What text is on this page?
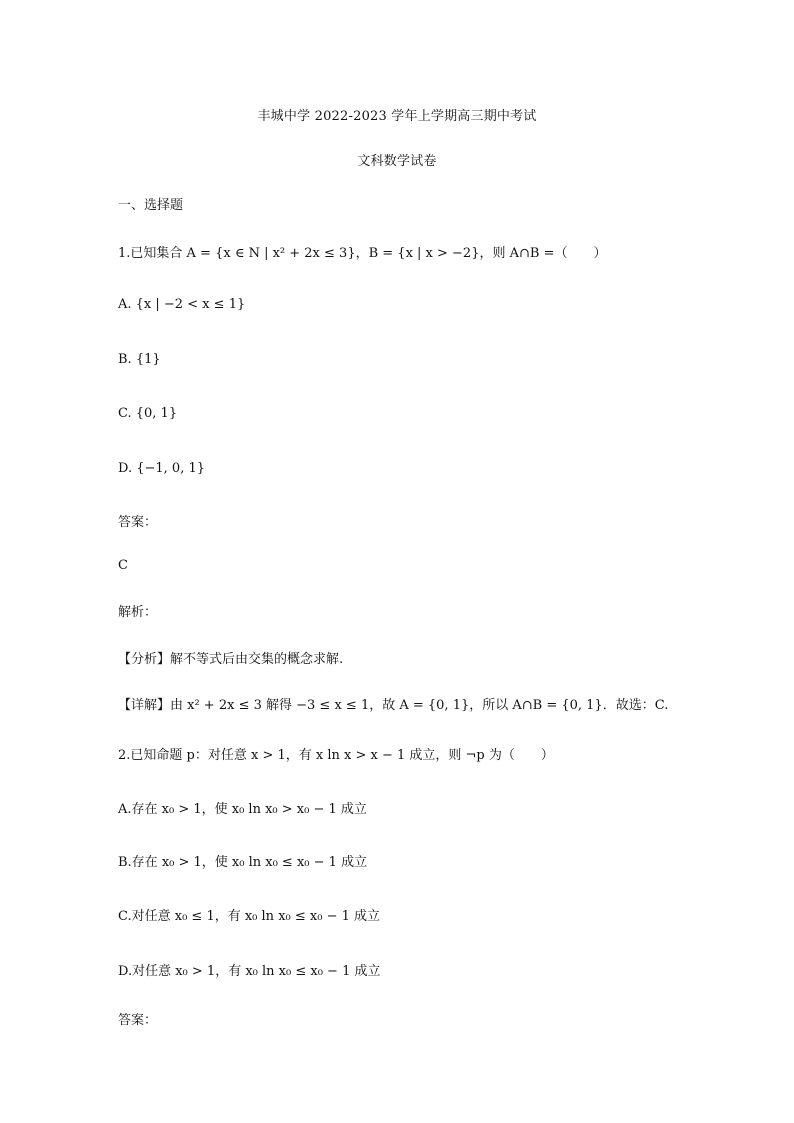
丰城中学 2022-2023 学年上学期高三期中考试
文科数学试卷
一、选择题
1.已知集合 A = {x ∈ N | x² + 2x ≤ 3}，B = {x | x > −2}，则 A∩B =（　　）
A. {x | −2 < x ≤ 1}
B. {1}
C. {0, 1}
D. {−1, 0, 1}
答案：
C
解析：
【分析】解不等式后由交集的概念求解.
【详解】由 x² + 2x ≤ 3 解得 −3 ≤ x ≤ 1，故 A = {0, 1}，所以 A∩B = {0, 1}．故选：C.
2.已知命题 p：对任意 x > 1，有 x ln x > x − 1 成立，则 ¬p 为（　　）
A.存在 x₀ > 1，使 x₀ ln x₀ > x₀ − 1 成立
B.存在 x₀ > 1，使 x₀ ln x₀ ≤ x₀ − 1 成立
C.对任意 x₀ ≤ 1，有 x₀ ln x₀ ≤ x₀ − 1 成立
D.对任意 x₀ > 1，有 x₀ ln x₀ ≤ x₀ − 1 成立
答案：
